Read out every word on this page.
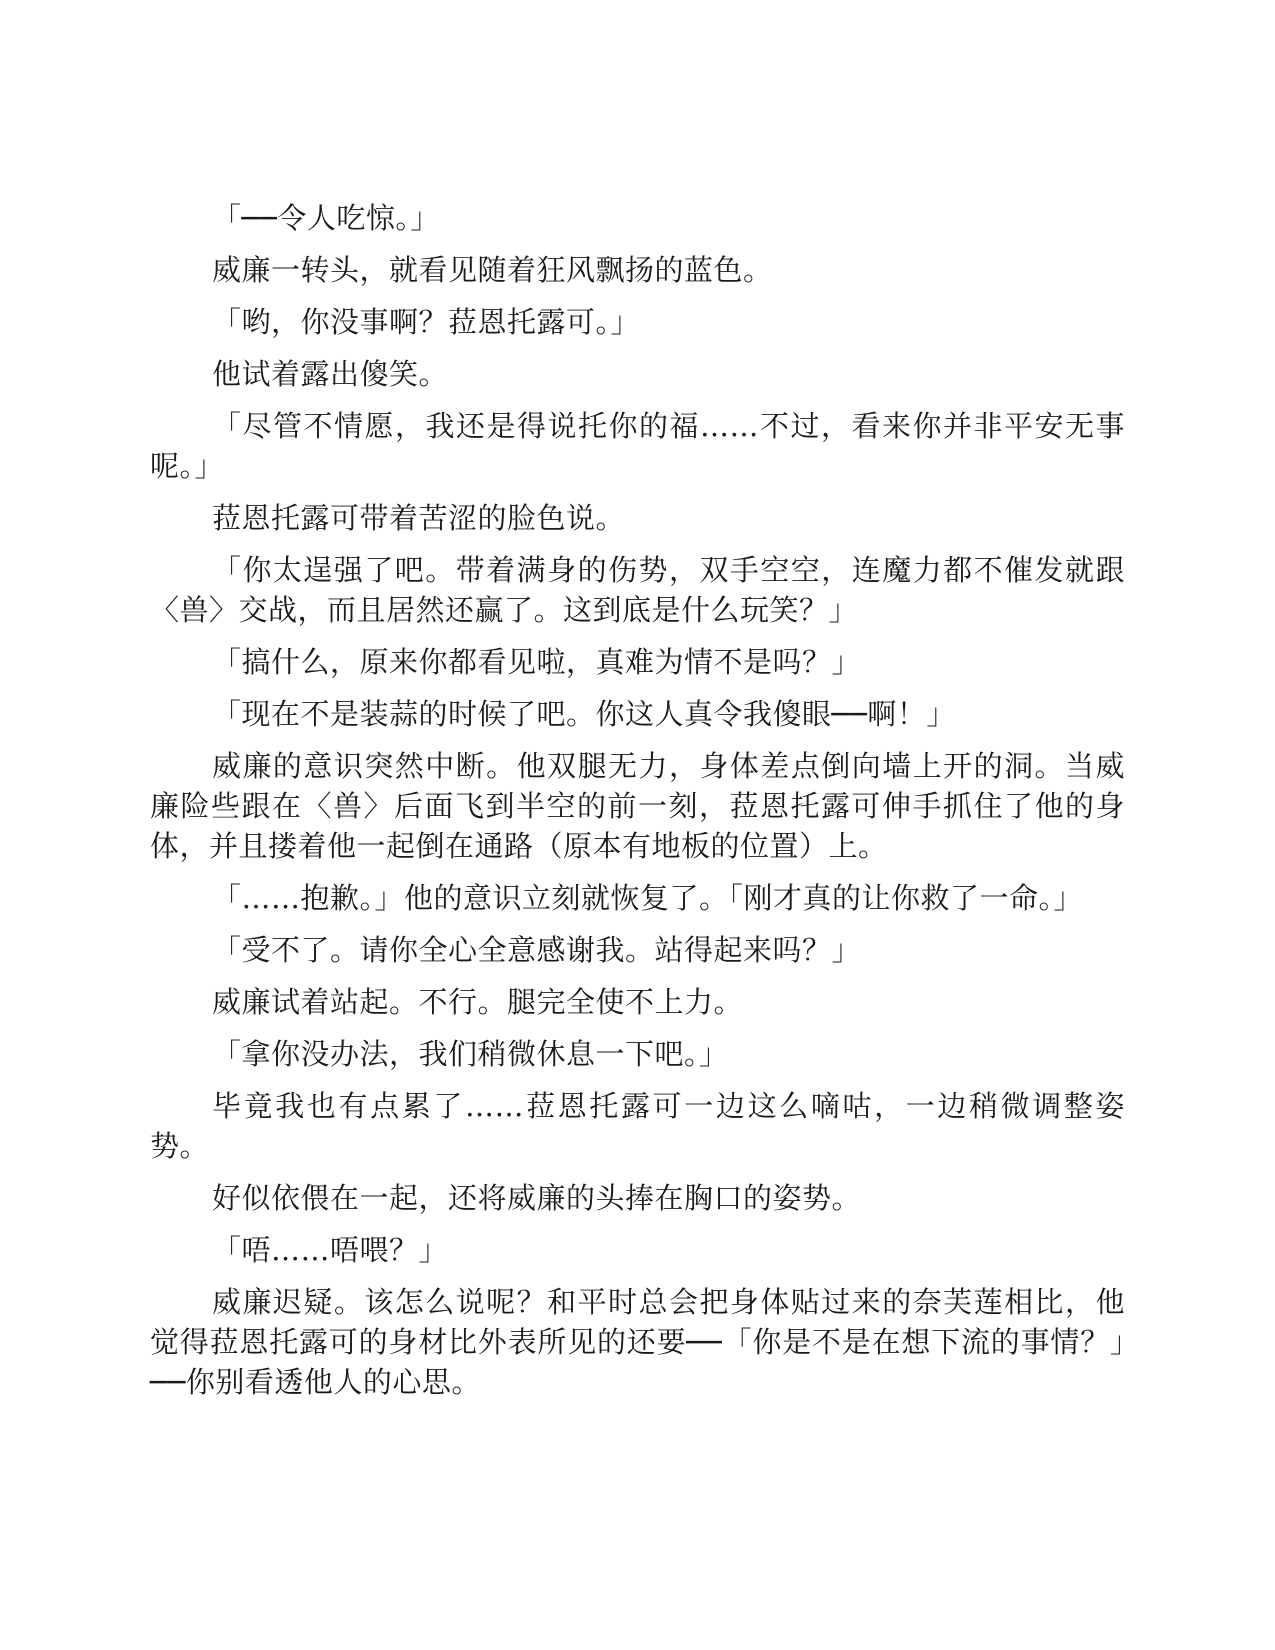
「──令人吃惊。」

威廉一转头，就看见随着狂风飘扬的蓝色。

「哟，你没事啊？菈恩托露可。」

他试着露出傻笑。

「尽管不情愿，我还是得说托你的福……不过，看来你并非平安无事呢。」

菈恩托露可带着苦涩的脸色说。

「你太逞强了吧。带着满身的伤势，双手空空，连魔力都不催发就跟〈兽〉交战，而且居然还赢了。这到底是什么玩笑？」

「搞什么，原来你都看见啦，真难为情不是吗？」

「现在不是装蒜的时候了吧。你这人真令我傻眼──啊！」

威廉的意识突然中断。他双腿无力，身体差点倒向墙上开的洞。当威廉险些跟在〈兽〉后面飞到半空的前一刻，菈恩托露可伸手抓住了他的身体，并且搂着他一起倒在通路（原本有地板的位置）上。

「……抱歉。」他的意识立刻就恢复了。「刚才真的让你救了一命。」

「受不了。请你全心全意感谢我。站得起来吗？」

威廉试着站起。不行。腿完全使不上力。

「拿你没办法，我们稍微休息一下吧。」

毕竟我也有点累了……菈恩托露可一边这么嘀咕，一边稍微调整姿势。

好似依偎在一起，还将威廉的头捧在胸口的姿势。

「唔……唔喂？」

威廉迟疑。该怎么说呢？和平时总会把身体贴过来的奈芙莲相比，他觉得菈恩托露可的身材比外表所见的还要──「你是不是在想下流的事情？」──你别看透他人的心思。
